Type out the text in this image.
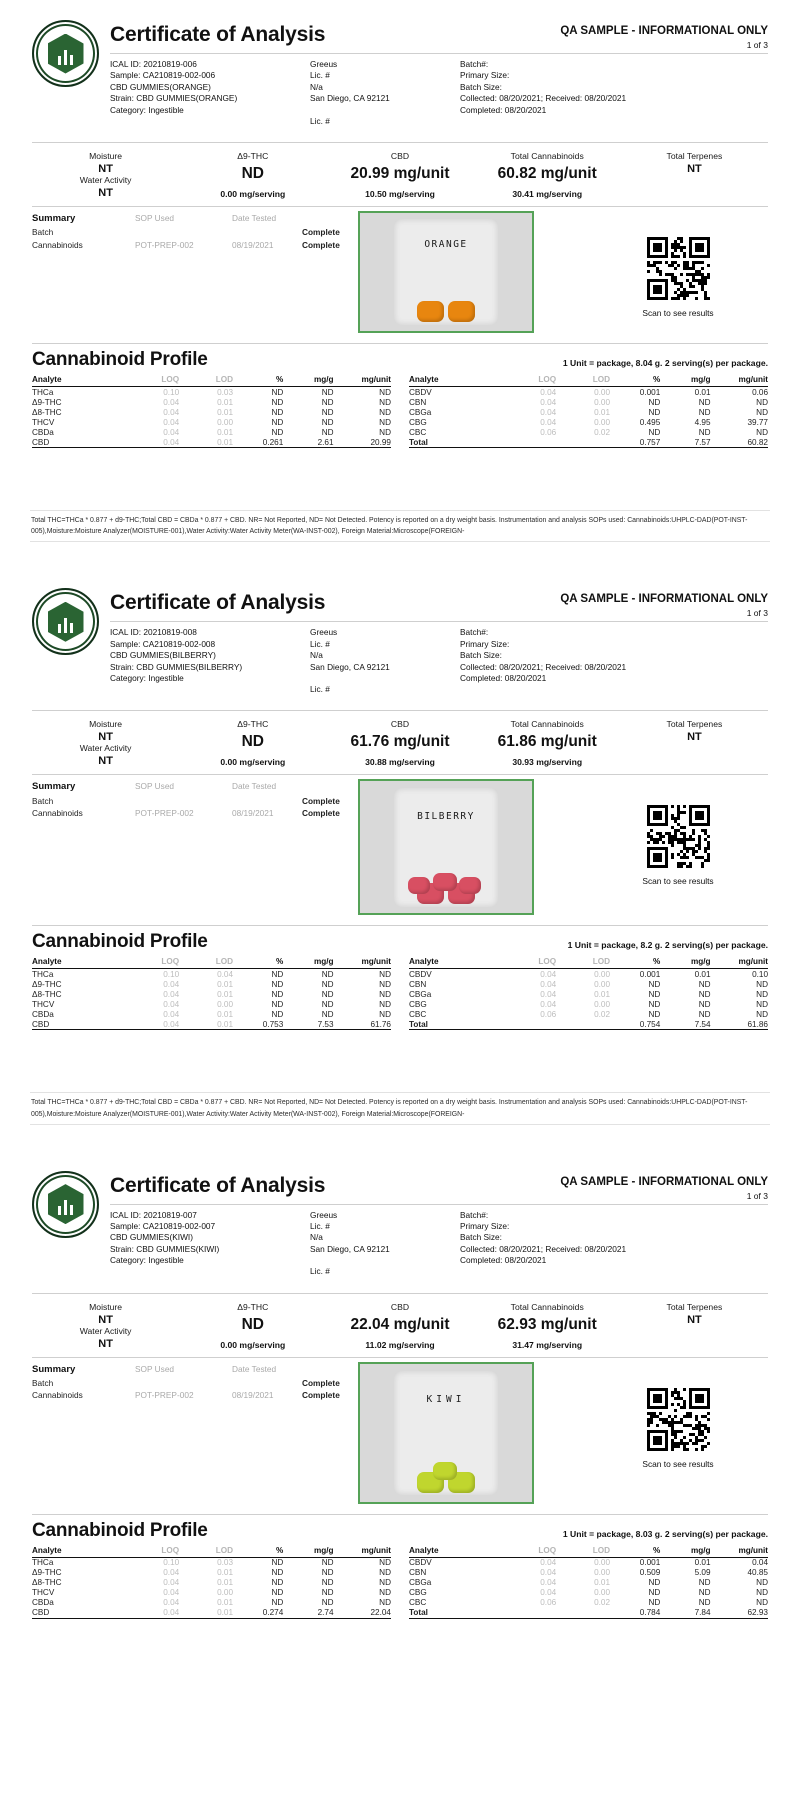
Certificate of Analysis	QA SAMPLE - INFORMATIONAL ONLY
1 of 3
ICAL ID: 20210819-006
Sample: CA210819-002-006
CBD GUMMIES(ORANGE)
Strain: CBD GUMMIES(ORANGE)
Category: Ingestible
Greeus
Lic. #
N/a
San Diego, CA 92121
Lic. #
Batch#:
Primary Size:
Batch Size:
Collected: 08/20/2021; Received: 08/20/2021
Completed: 08/20/2021
Moisture
NT
Water Activity
NT
Δ9-THC
ND
0.00 mg/serving
CBD
20.99 mg/unit
10.50 mg/serving
Total Cannabinoids
60.82 mg/unit
30.41 mg/serving
Total Terpenes
NT
Summary	SOP Used	Date Tested
Batch	Complete
Cannabinoids	POT-PREP-002	08/19/2021	Complete	ORANGE
Scan to see results
Cannabinoid Profile	1 Unit = package, 8.04 g. 2 serving(s) per package.
Analyte	LOQ	LOD	%	mg/g	mg/unit
THCa	0.10	0.03	ND	ND	ND
Δ9-THC	0.04	0.01	ND	ND	ND
Δ8-THC	0.04	0.01	ND	ND	ND
THCV	0.04	0.00	ND	ND	ND
CBDa	0.04	0.01	ND	ND	ND
CBD	0.04	0.01	0.261	2.61	20.99
Analyte	LOQ	LOD	%	mg/g	mg/unit
CBDV	0.04	0.00	0.001	0.01	0.06
CBN	0.04	0.00	ND	ND	ND
CBGa	0.04	0.01	ND	ND	ND
CBG	0.04	0.00	0.495	4.95	39.77
CBC	0.06	0.02	ND	ND	ND
Total			0.757	7.57	60.82
Total THC=THCa * 0.877 + d9-THC;Total CBD = CBDa * 0.877 + CBD. NR= Not Reported, ND= Not Detected. Potency is reported on a dry weight basis. Instrumentation and analysis SOPs used: Cannabinoids:UHPLC-DAD(POT-INST-005),Moisture:Moisture Analyzer(MOISTURE-001),Water Activity:Water Activity Meter(WA-INST-002), Foreign Material:Microscope(FOREIGN-
Certificate of Analysis	QA SAMPLE - INFORMATIONAL ONLY
1 of 3
ICAL ID: 20210819-008
Sample: CA210819-002-008
CBD GUMMIES(BILBERRY)
Strain: CBD GUMMIES(BILBERRY)
Category: Ingestible
Greeus
Lic. #
N/a
San Diego, CA 92121
Lic. #
Batch#:
Primary Size:
Batch Size:
Collected: 08/20/2021; Received: 08/20/2021
Completed: 08/20/2021
Moisture
NT
Water Activity
NT
Δ9-THC
ND
0.00 mg/serving
CBD
61.76 mg/unit
30.88 mg/serving
Total Cannabinoids
61.86 mg/unit
30.93 mg/serving
Total Terpenes
NT
Summary	SOP Used	Date Tested
Batch	Complete
Cannabinoids	POT-PREP-002	08/19/2021	Complete	BILBERRY
Scan to see results
Cannabinoid Profile	1 Unit = package, 8.2 g. 2 serving(s) per package.
Analyte	LOQ	LOD	%	mg/g	mg/unit
THCa	0.10	0.04	ND	ND	ND
Δ9-THC	0.04	0.01	ND	ND	ND
Δ8-THC	0.04	0.01	ND	ND	ND
THCV	0.04	0.00	ND	ND	ND
CBDa	0.04	0.01	ND	ND	ND
CBD	0.04	0.01	0.753	7.53	61.76
Analyte	LOQ	LOD	%	mg/g	mg/unit
CBDV	0.04	0.00	0.001	0.01	0.10
CBN	0.04	0.00	ND	ND	ND
CBGa	0.04	0.01	ND	ND	ND
CBG	0.04	0.00	ND	ND	ND
CBC	0.06	0.02	ND	ND	ND
Total			0.754	7.54	61.86
Total THC=THCa * 0.877 + d9-THC;Total CBD = CBDa * 0.877 + CBD. NR= Not Reported, ND= Not Detected. Potency is reported on a dry weight basis. Instrumentation and analysis SOPs used: Cannabinoids:UHPLC-DAD(POT-INST-005),Moisture:Moisture Analyzer(MOISTURE-001),Water Activity:Water Activity Meter(WA-INST-002), Foreign Material:Microscope(FOREIGN-
Certificate of Analysis	QA SAMPLE - INFORMATIONAL ONLY
1 of 3
ICAL ID: 20210819-007
Sample: CA210819-002-007
CBD GUMMIES(KIWI)
Strain: CBD GUMMIES(KIWI)
Category: Ingestible
Greeus
Lic. #
N/a
San Diego, CA 92121
Lic. #
Batch#:
Primary Size:
Batch Size:
Collected: 08/20/2021; Received: 08/20/2021
Completed: 08/20/2021
Moisture
NT
Water Activity
NT
Δ9-THC
ND
0.00 mg/serving
CBD
22.04 mg/unit
11.02 mg/serving
Total Cannabinoids
62.93 mg/unit
31.47 mg/serving
Total Terpenes
NT
Summary	SOP Used	Date Tested
Batch	Complete
Cannabinoids	POT-PREP-002	08/19/2021	Complete	KIWI
Scan to see results
Cannabinoid Profile	1 Unit = package, 8.03 g. 2 serving(s) per package.
Analyte	LOQ	LOD	%	mg/g	mg/unit
THCa	0.10	0.03	ND	ND	ND
Δ9-THC	0.04	0.01	ND	ND	ND
Δ8-THC	0.04	0.01	ND	ND	ND
THCV	0.04	0.00	ND	ND	ND
CBDa	0.04	0.01	ND	ND	ND
CBD	0.04	0.01	0.274	2.74	22.04
Analyte	LOQ	LOD	%	mg/g	mg/unit
CBDV	0.04	0.00	0.001	0.01	0.04
CBN	0.04	0.00	0.509	5.09	40.85
CBGa	0.04	0.01	ND	ND	ND
CBG	0.04	0.00	ND	ND	ND
CBC	0.06	0.02	ND	ND	ND
Total			0.784	7.84	62.93
